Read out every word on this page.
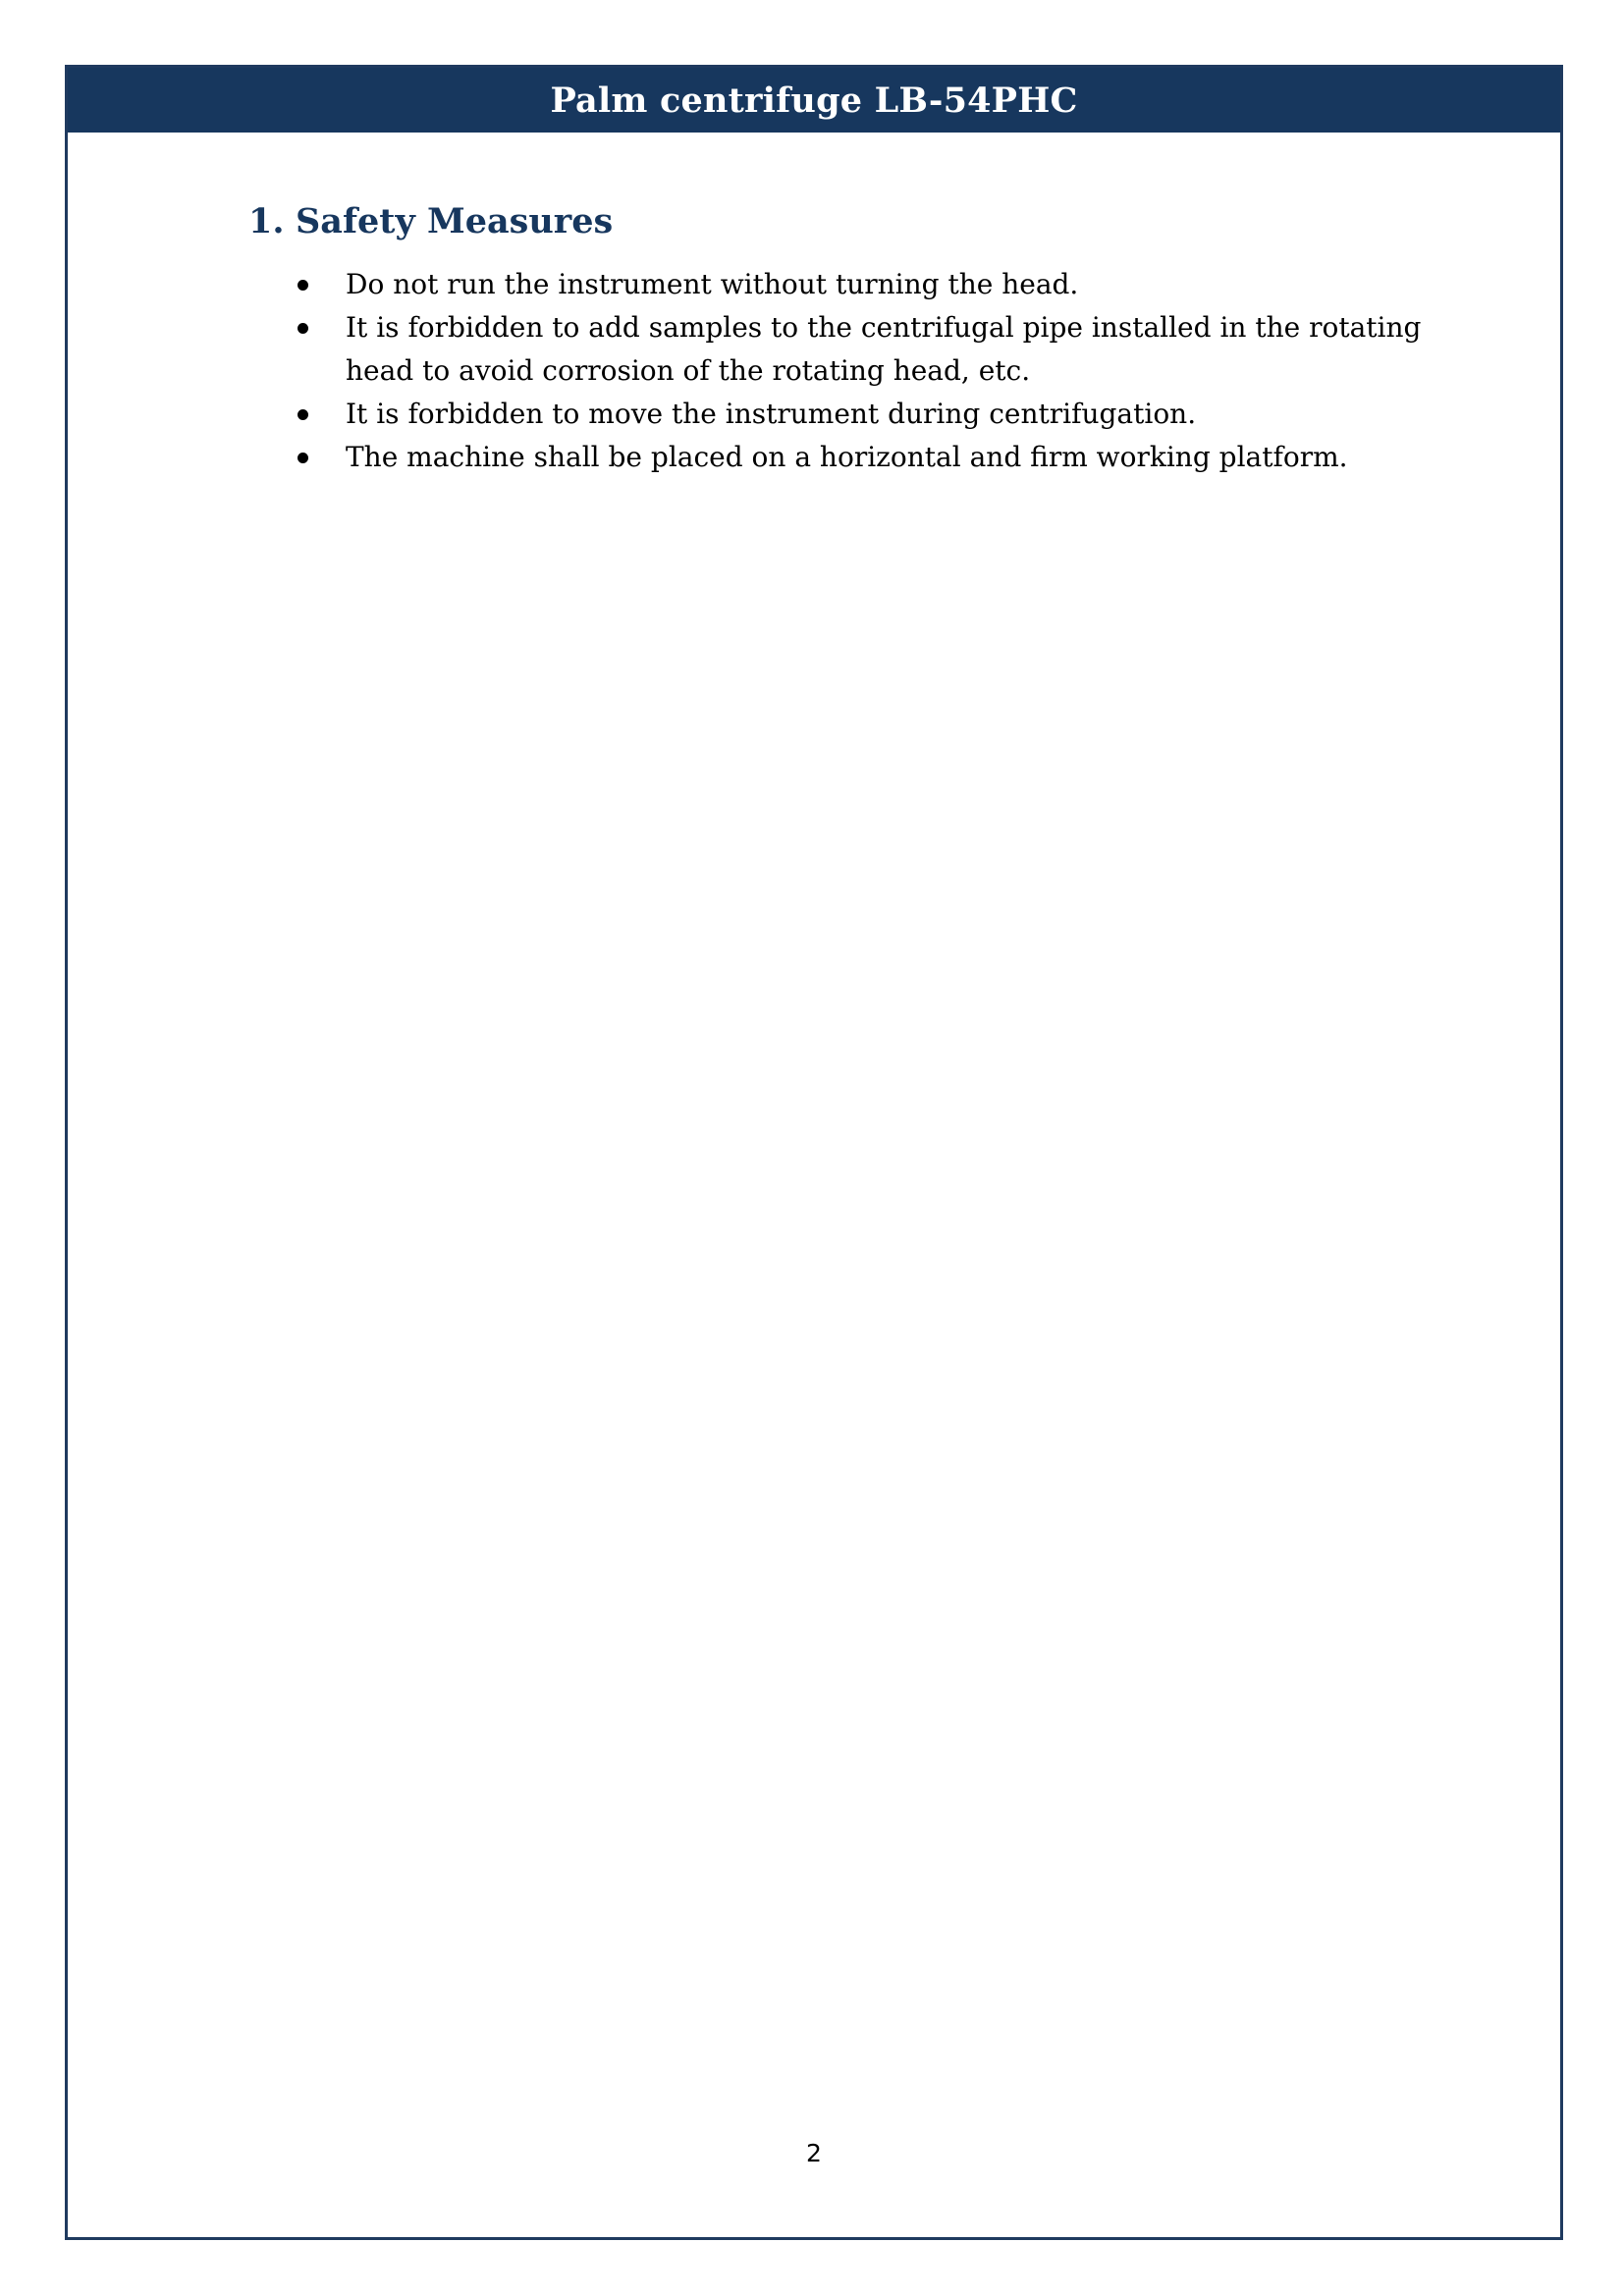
Palm centrifuge LB-54PHC
1. Safety Measures
Do not run the instrument without turning the head.
It is forbidden to add samples to the centrifugal pipe installed in the rotating head to avoid corrosion of the rotating head, etc.
It is forbidden to move the instrument during centrifugation.
The machine shall be placed on a horizontal and firm working platform.
2
